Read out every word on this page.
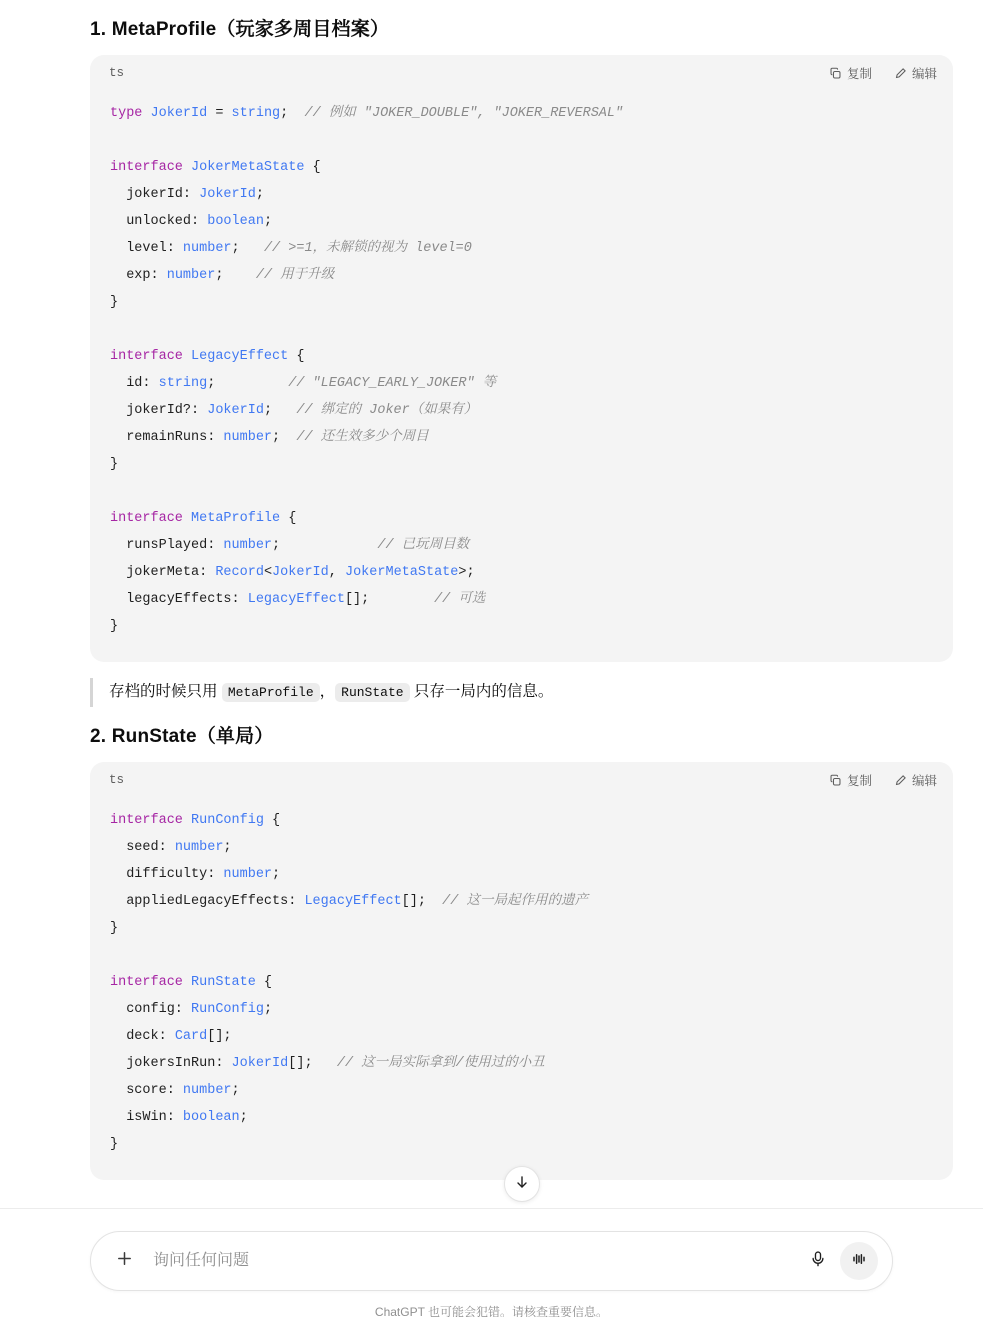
1. MetaProfile（玩家多周目档案）
ts	复制	编辑
type JokerId = string;  // 例如 "JOKER_DOUBLE", "JOKER_REVERSAL"

interface JokerMetaState {
jokerId: JokerId;
unlocked: boolean;
level: number;   // >=1，未解锁的视为 level=0
exp: number;    // 用于升级
}

interface LegacyEffect {
id: string;         // "LEGACY_EARLY_JOKER" 等
jokerId?: JokerId;   // 绑定的 Joker（如果有）
remainRuns: number;  // 还生效多少个周目
}

interface MetaProfile {
runsPlayed: number;            // 已玩周目数
jokerMeta: Record<JokerId, JokerMetaState>;
legacyEffects: LegacyEffect[];        // 可选
}
存档的时候只用 MetaProfile ， RunState 只存一局内的信息。
2. RunState（单局）
ts	复制	编辑
interface RunConfig {
seed: number;
difficulty: number;
appliedLegacyEffects: LegacyEffect[];  // 这一局起作用的遗产
}

interface RunState {
config: RunConfig;
deck: Card[];
jokersInRun: JokerId[];   // 这一局实际拿到/使用过的小丑
score: number;
isWin: boolean;
}
询问任何问题
ChatGPT 也可能会犯错。请核查重要信息。
